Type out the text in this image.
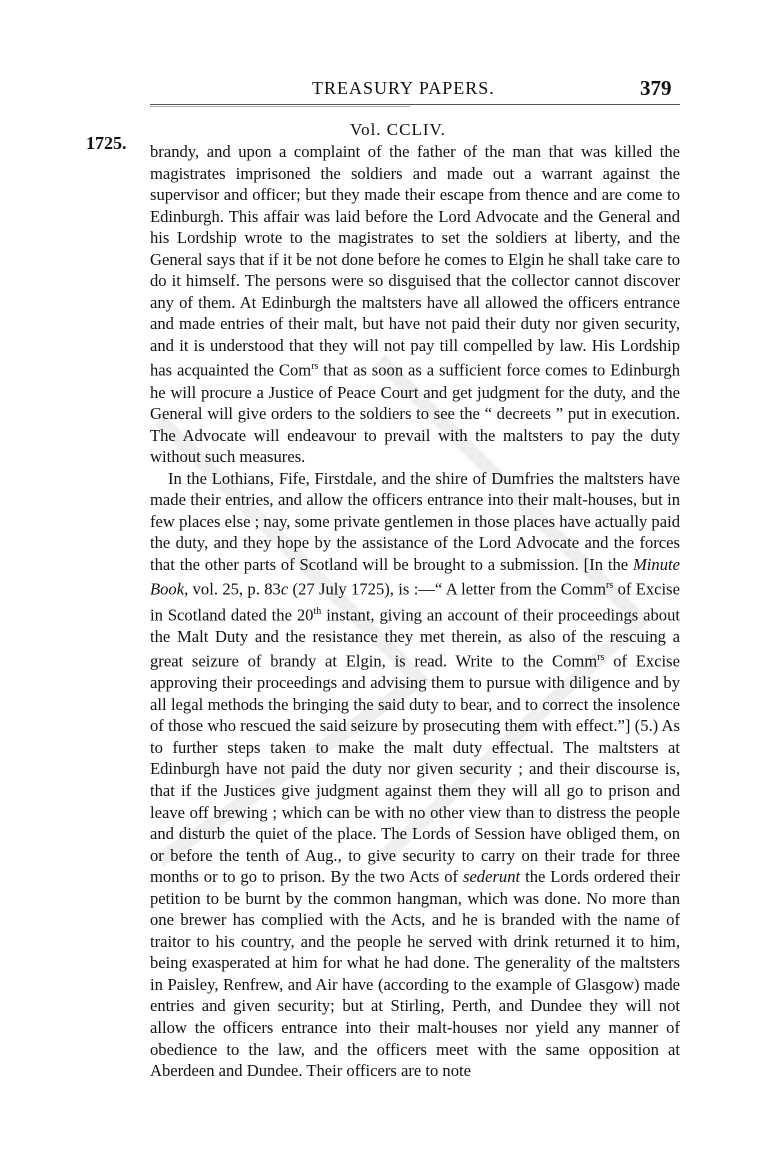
TREASURY PAPERS.	379
1725.
Vol. CCLIV.

brandy, and upon a complaint of the father of the man that was killed the magistrates imprisoned the soldiers and made out a warrant against the supervisor and officer; but they made their escape from thence and are come to Edinburgh. This affair was laid before the Lord Advocate and the General and his Lordship wrote to the magistrates to set the soldiers at liberty, and the General says that if it be not done before he comes to Elgin he shall take care to do it himself. The persons were so disguised that the collector cannot discover any of them. At Edinburgh the maltsters have all allowed the officers entrance and made entries of their malt, but have not paid their duty nor given security, and it is understood that they will not pay till compelled by law. His Lordship has acquainted the Com$^{rs}$ that as soon as a sufficient force comes to Edinburgh he will procure a Justice of Peace Court and get judgment for the duty, and the General will give orders to the soldiers to see the “ decreets ” put in execution. The Advocate will endeavour to prevail with the maltsters to pay the duty without such measures.

In the Lothians, Fife, Firstdale, and the shire of Dumfries the maltsters have made their entries, and allow the officers entrance into their malt-houses, but in few places else ; nay, some private gentlemen in those places have actually paid the duty, and they hope by the assistance of the Lord Advocate and the forces that the other parts of Scotland will be brought to a submission. [In the Minute Book, vol. 25, p. 83c (27 July 1725), is :—“ A letter from the Comm$^{rs}$ of Excise in Scotland dated the 20th instant, giving an account of their proceedings about the Malt Duty and the resistance they met therein, as also of the rescuing a great seizure of brandy at Elgin, is read. Write to the Comm$^{rs}$ of Excise approving their proceedings and advising them to pursue with diligence and by all legal methods the bringing the said duty to bear, and to correct the insolence of those who rescued the said seizure by prosecuting them with effect.”] (5.) As to further steps taken to make the malt duty effectual. The maltsters at Edinburgh have not paid the duty nor given security ; and their discourse is, that if the Justices give judgment against them they will all go to prison and leave off brewing ; which can be with no other view than to distress the people and disturb the quiet of the place. The Lords of Session have obliged them, on or before the tenth of Aug., to give security to carry on their trade for three months or to go to prison. By the two Acts of sederunt the Lords ordered their petition to be burnt by the common hangman, which was done. No more than one brewer has complied with the Acts, and he is branded with the name of traitor to his country, and the people he served with drink returned it to him, being exasperated at him for what he had done. The generality of the maltsters in Paisley, Renfrew, and Air have (according to the example of Glasgow) made entries and given security; but at Stirling, Perth, and Dundee they will not allow the officers entrance into their malt-houses nor yield any manner of obedience to the law, and the officers meet with the same opposition at Aberdeen and Dundee. Their officers are to note
